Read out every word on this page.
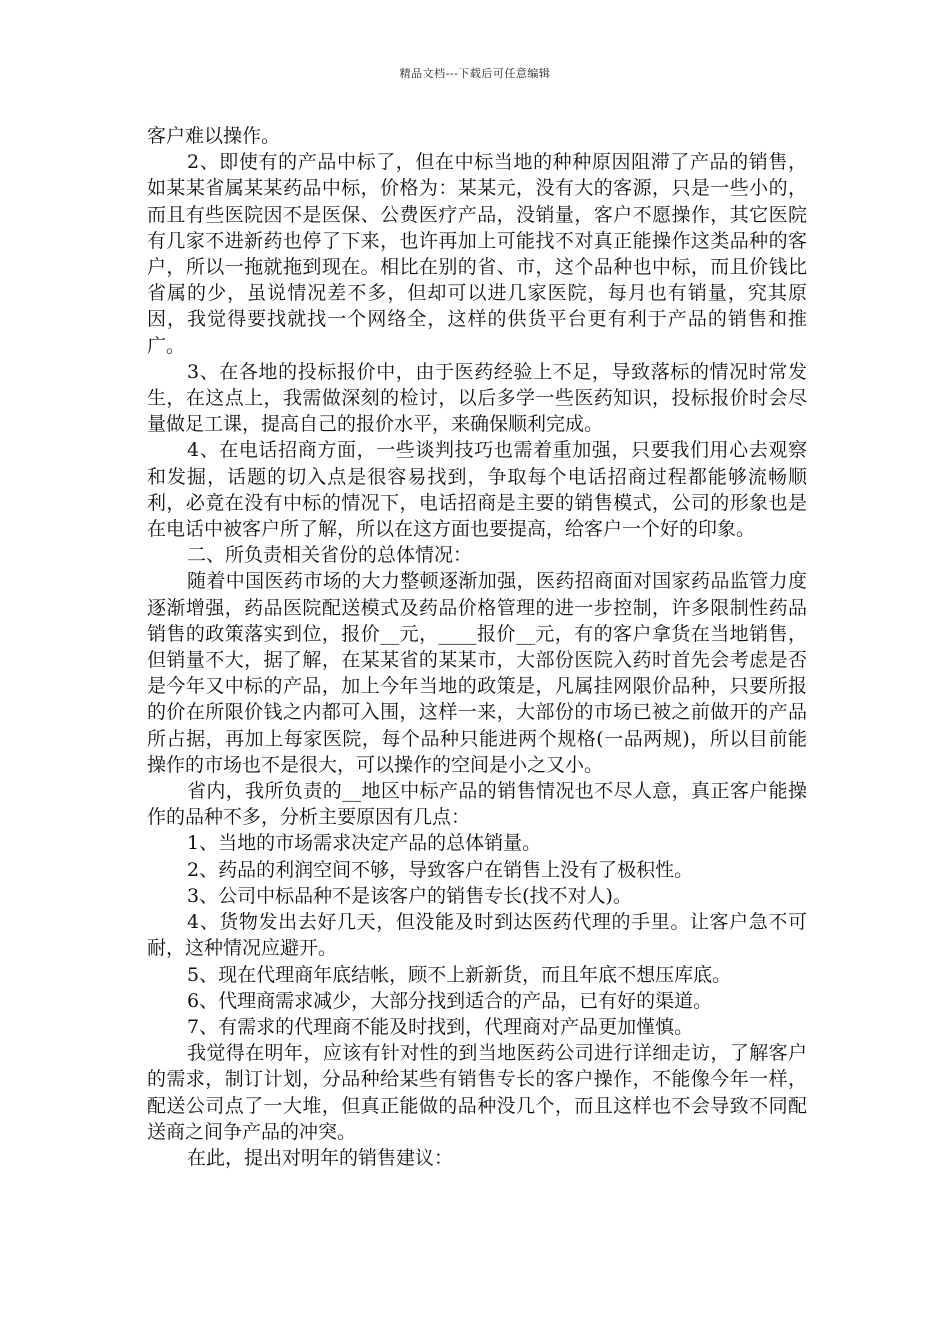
精品文档---下载后可任意编辑

客户难以操作。

2、即使有的产品中标了，但在中标当地的种种原因阻滞了产品的销售，如某某省属某某药品中标，价格为：某某元，没有大的客源，只是一些小的，而且有些医院因不是医保、公费医疗产品，没销量，客户不愿操作，其它医院有几家不进新药也停了下来，也许再加上可能找不对真正能操作这类品种的客户，所以一拖就拖到现在。相比在别的省、市，这个品种也中标，而且价钱比省属的少，虽说情况差不多，但却可以进几家医院，每月也有销量，究其原因，我觉得要找就找一个网络全，这样的供货平台更有利于产品的销售和推广。

3、在各地的投标报价中，由于医药经验上不足，导致落标的情况时常发生，在这点上，我需做深刻的检讨，以后多学一些医药知识，投标报价时会尽量做足工课，提高自己的报价水平，来确保顺利完成。

4、在电话招商方面，一些谈判技巧也需着重加强，只要我们用心去观察和发掘，话题的切入点是很容易找到，争取每个电话招商过程都能够流畅顺利，必竟在没有中标的情况下，电话招商是主要的销售模式，公司的形象也是在电话中被客户所了解，所以在这方面也要提高，给客户一个好的印象。

二、所负责相关省份的总体情况：

随着中国医药市场的大力整顿逐渐加强，医药招商面对国家药品监管力度逐渐增强，药品医院配送模式及药品价格管理的进一步控制，许多限制性药品销售的政策落实到位，报价__元，____报价__元，有的客户拿货在当地销售，但销量不大，据了解，在某某省的某某市，大部份医院入药时首先会考虑是否是今年又中标的产品，加上今年当地的政策是，凡属挂网限价品种，只要所报的价在所限价钱之内都可入围，这样一来，大部份的市场已被之前做开的产品所占据，再加上每家医院，每个品种只能进两个规格(一品两规)，所以目前能操作的市场也不是很大，可以操作的空间是小之又小。

省内，我所负责的__地区中标产品的销售情况也不尽人意，真正客户能操作的品种不多，分析主要原因有几点：

1、当地的市场需求决定产品的总体销量。

2、药品的利润空间不够，导致客户在销售上没有了极积性。

3、公司中标品种不是该客户的销售专长(找不对人)。

4、货物发出去好几天，但没能及时到达医药代理的手里。让客户急不可耐，这种情况应避开。

5、现在代理商年底结帐，顾不上新新货，而且年底不想压库底。

6、代理商需求减少，大部分找到适合的产品，已有好的渠道。

7、有需求的代理商不能及时找到，代理商对产品更加慬慎。

我觉得在明年，应该有针对性的到当地医药公司进行详细走访，了解客户的需求，制订计划，分品种给某些有销售专长的客户操作，不能像今年一样，配送公司点了一大堆，但真正能做的品种没几个，而且这样也不会导致不同配送商之间争产品的冲突。

在此，提出对明年的销售建议：
